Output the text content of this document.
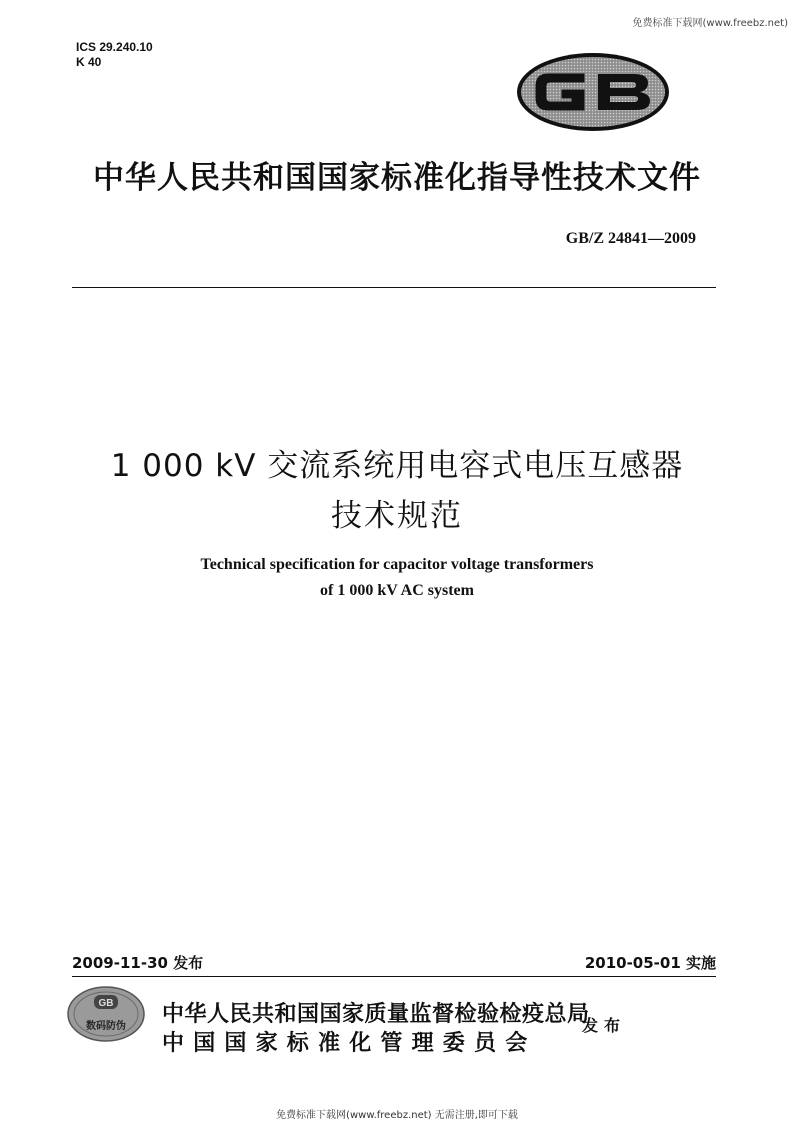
免费标准下载网(www.freebz.net)
ICS 29.240.10
K 40
中华人民共和国国家标准化指导性技术文件
GB/Z 24841—2009
1 000 kV 交流系统用电容式电压互感器
技术规范
Technical specification for capacitor voltage transformers
of 1 000 kV AC system
2009-11-30 发布	2010-05-01 实施
GB
数码防伪 中华人民共和国国家质量监督检验检疫总局
中国国家标准化管理委员会
发布
免费标准下载网(www.freebz.net) 无需注册,即可下载
